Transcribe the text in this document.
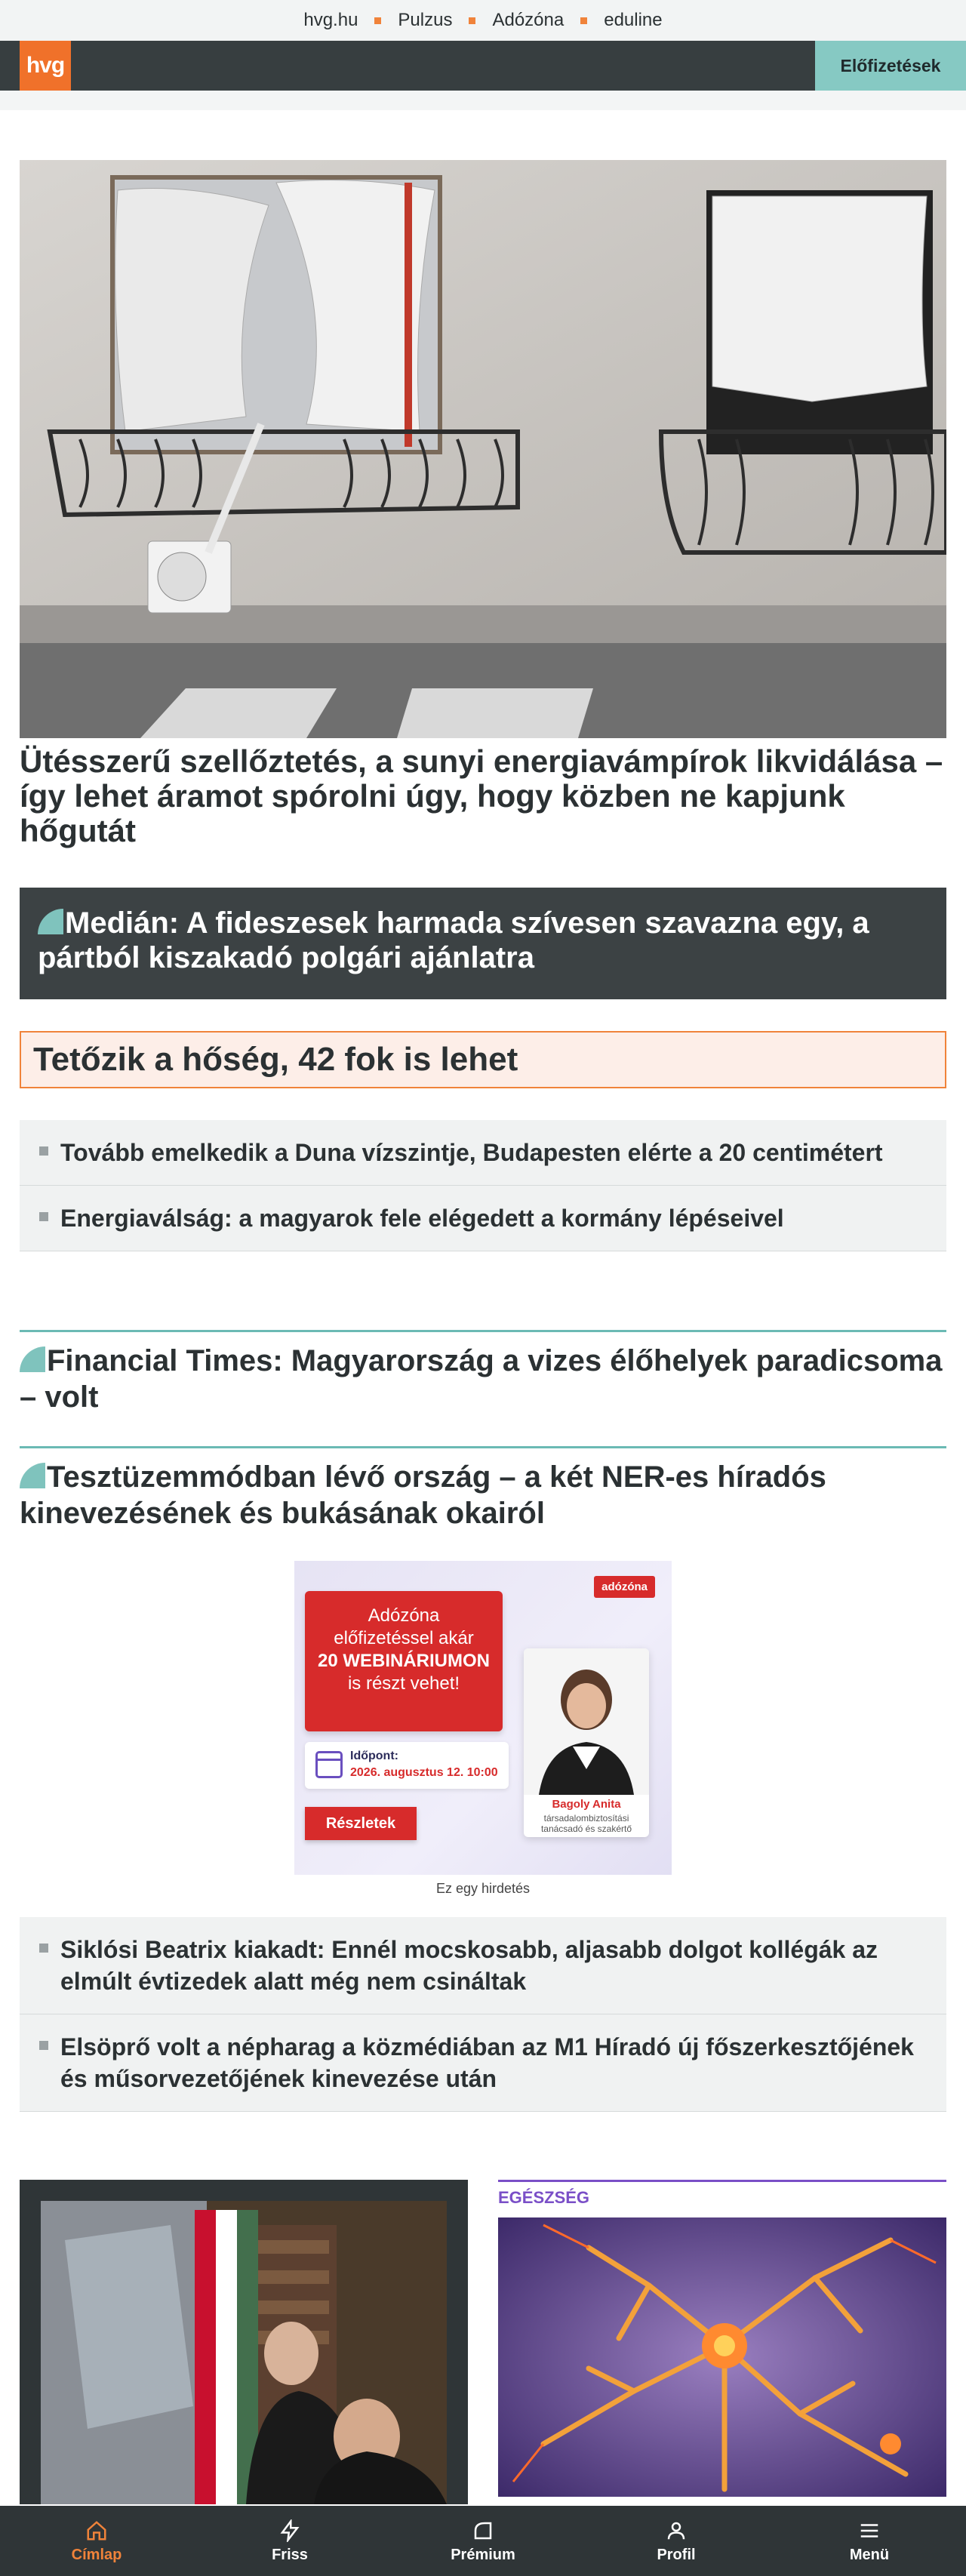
hvg.hu	Pulzus	Adózóna	eduline
hvg	Előfizetések
Ütésszerű szellőztetés, a sunyi energiavámpírok likvidálása – így lehet áramot spórolni úgy, hogy közben ne kapjunk hőgutát
Medián: A fideszesek harmada szívesen szavazna egy, a pártból kiszakadó polgári ajánlatra
Tetőzik a hőség, 42 fok is lehet
Tovább emelkedik a Duna vízszintje, Budapesten elérte a 20 centimétert
Energiaválság: a magyarok fele elégedett a kormány lépéseivel
Financial Times: Magyarország a vizes élőhelyek paradicsoma – volt
Tesztüzemmódban lévő ország – a két NER-es híradós kinevezésének és bukásának okairól
adózóna
Adózóna
előfizetéssel akár
20 WEBINÁRIUMON
is részt vehet!
Időpont:
2026. augusztus 12. 10:00
Részletek
Bagoly Anita
társadalombiztosítási tanácsadó és szakértő
Ez egy hirdetés
Siklósi Beatrix kiakadt: Ennél mocskosabb, aljasabb dolgot kollégák az elmúlt évtizedek alatt még nem csináltak
Elsöprő volt a népharag a közmédiában az M1 Híradó új főszerkesztőjének és műsorvezetőjének kinevezése után
EGÉSZSÉG
Címlap	Friss	Prémium	Profil	Menü
